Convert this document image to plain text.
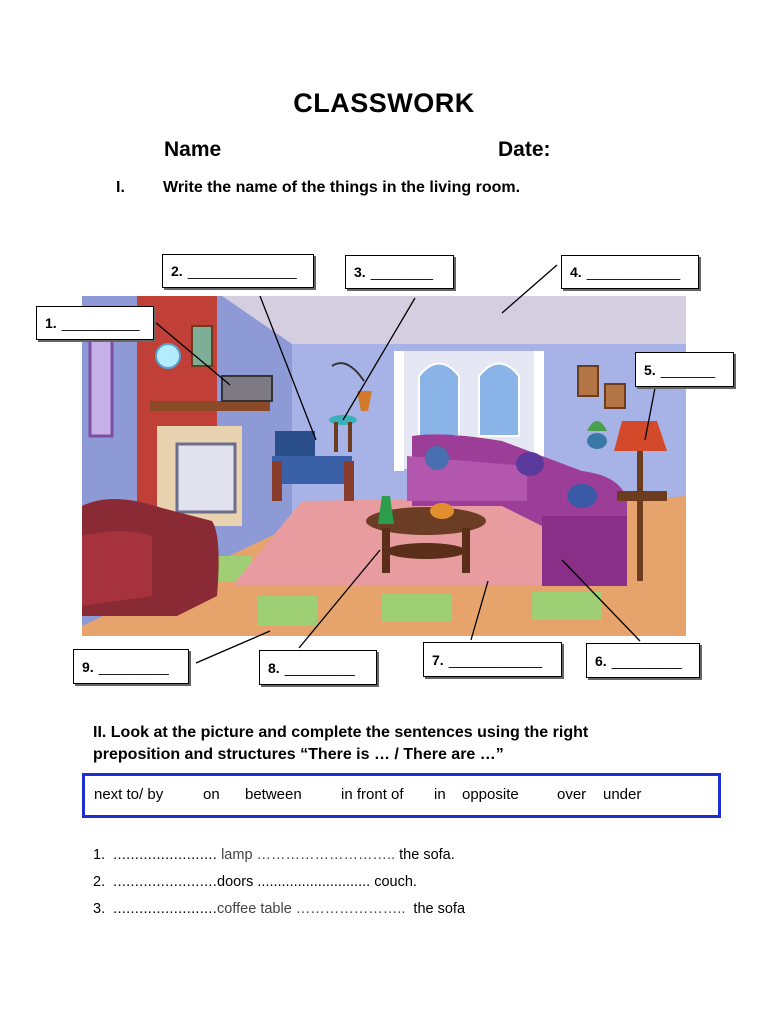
CLASSWORK
Name	Date:
I. Write the name of the things in the living room.
1. __________
2. ______________	3. ________	4. ____________
5. _______
6. _________
7. ____________
8. _________
9. _________
II. Look at the picture and complete the sentences using the right
preposition and structures “There is … / There are …”
next to/ by	on between	in front of in opposite	over under
1. ........................ lamp ……………………….. the sofa.
2. ........................doors ............................ couch.
3. ........................coffee table ………………….. the sofa
